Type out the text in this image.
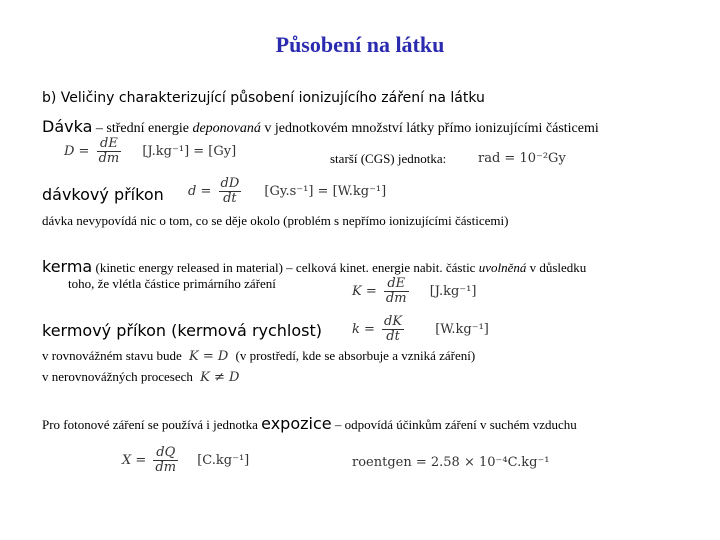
Působení na látku
b) Veličiny charakterizující působení ionizujícího záření na látku
Dávka – střední energie deponovaná v jednotkovém množství látky přímo ionizujícími částicemi
$D = \frac{dE}{dm} [J.kg^{-1}] = [Gy]$	starší (CGS) jednotka: rad = 10⁻²Gy
dávkový příkon $d = \frac{dD}{dt} [Gy.s^{-1}] = [W.kg^{-1}]$
dávka nevypovídá nic o tom, co se děje okolo (problém s nepřímo ionizujícími částicemi)
kerma (kinetic energy released in material) – celková kinet. energie nabit. částic uvolněná v důsledku
toho, že vlétla částice primárního záření
$K = \frac{dE}{dm} [J.kg^{-1}]$
kermový příkon (kermová rychlost) $k = \frac{dK}{dt} [W.kg^{-1}]$
v rovnovážném stavu bude K = D (v prostředí, kde se absorbuje a vzniká záření)
v nerovnovážných procesech K ≠ D
Pro fotonové záření se používá i jednotka expozice – odpovídá účinkům záření v suchém vzduchu
$X = \frac{dQ}{dm} [C.kg^{-1}]$	roentgen = 2.58 × 10⁻⁴C.kg⁻¹
